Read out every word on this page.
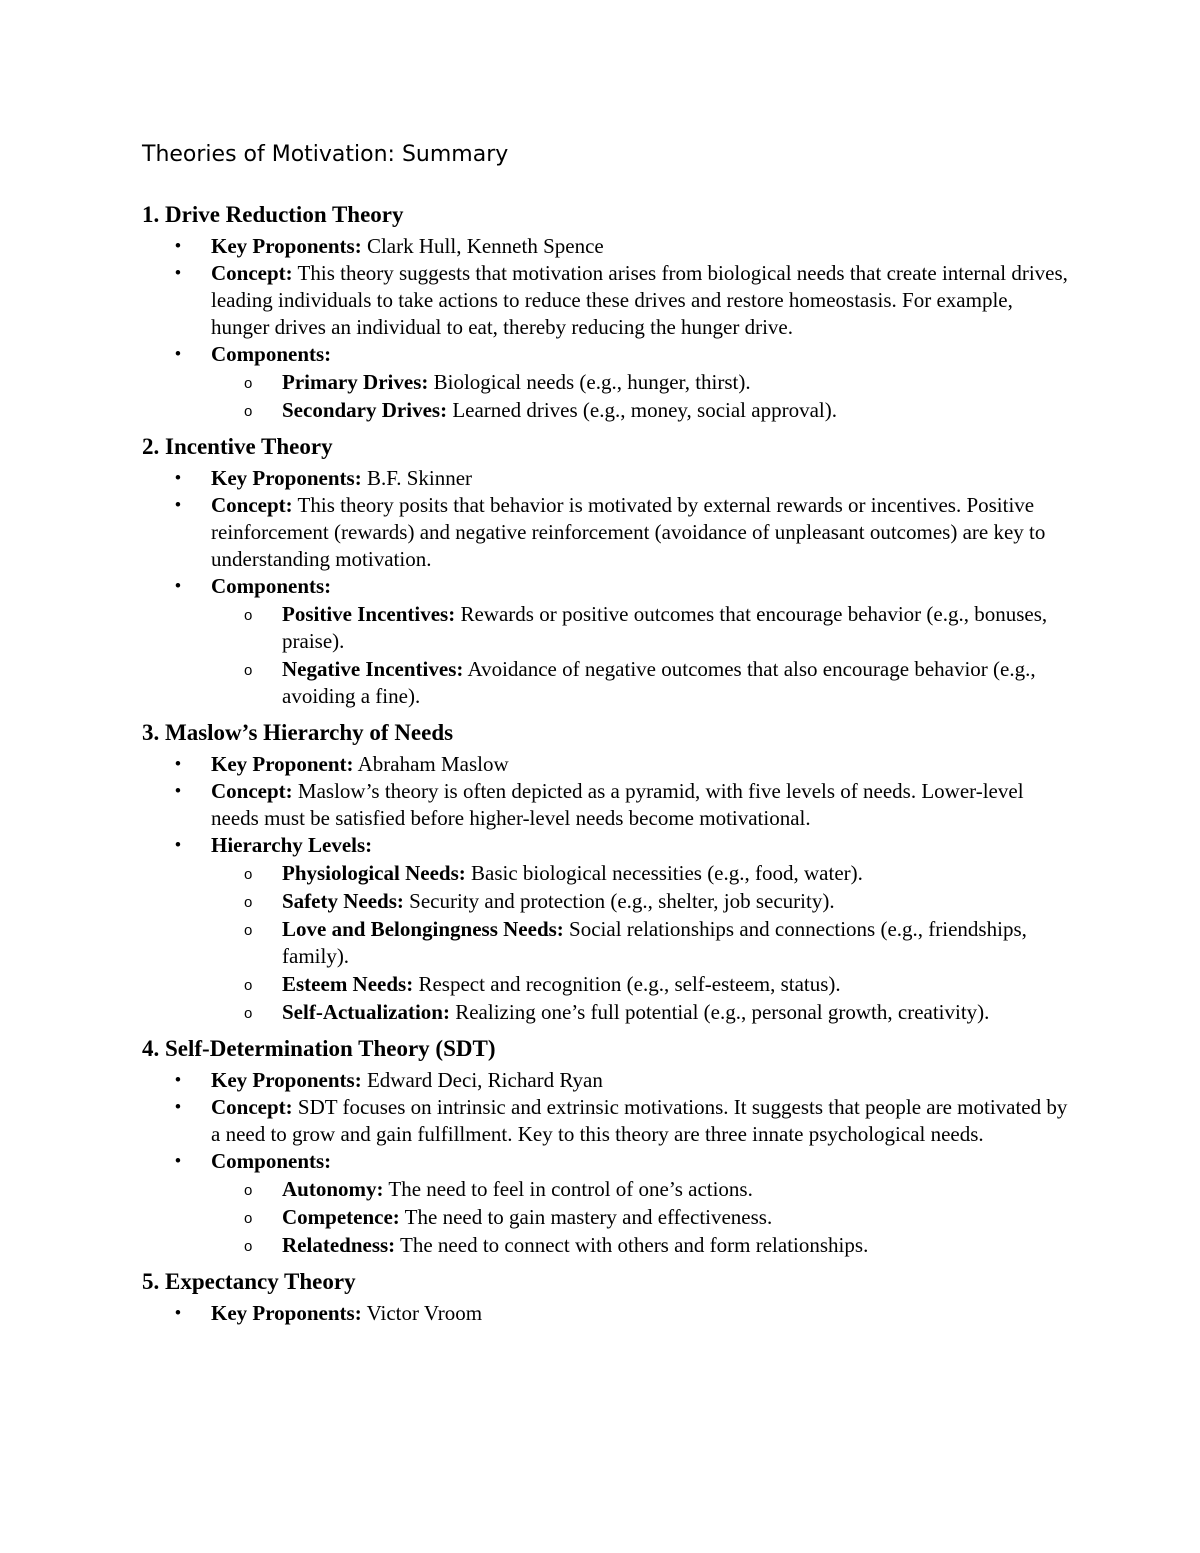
Theories of Motivation: Summary
1. Drive Reduction Theory
• Key Proponents: Clark Hull, Kenneth Spence
• Concept: This theory suggests that motivation arises from biological needs that create internal drives, leading individuals to take actions to reduce these drives and restore homeostasis. For example, hunger drives an individual to eat, thereby reducing the hunger drive.
• Components:
o Primary Drives: Biological needs (e.g., hunger, thirst).
o Secondary Drives: Learned drives (e.g., money, social approval).
2. Incentive Theory
• Key Proponents: B.F. Skinner
• Concept: This theory posits that behavior is motivated by external rewards or incentives. Positive reinforcement (rewards) and negative reinforcement (avoidance of unpleasant outcomes) are key to understanding motivation.
• Components:
o Positive Incentives: Rewards or positive outcomes that encourage behavior (e.g., bonuses, praise).
o Negative Incentives: Avoidance of negative outcomes that also encourage behavior (e.g., avoiding a fine).
3. Maslow’s Hierarchy of Needs
• Key Proponent: Abraham Maslow
• Concept: Maslow’s theory is often depicted as a pyramid, with five levels of needs. Lower-level needs must be satisfied before higher-level needs become motivational.
• Hierarchy Levels:
o Physiological Needs: Basic biological necessities (e.g., food, water).
o Safety Needs: Security and protection (e.g., shelter, job security).
o Love and Belongingness Needs: Social relationships and connections (e.g., friendships, family).
o Esteem Needs: Respect and recognition (e.g., self-esteem, status).
o Self-Actualization: Realizing one’s full potential (e.g., personal growth, creativity).
4. Self-Determination Theory (SDT)
• Key Proponents: Edward Deci, Richard Ryan
• Concept: SDT focuses on intrinsic and extrinsic motivations. It suggests that people are motivated by a need to grow and gain fulfillment. Key to this theory are three innate psychological needs.
• Components:
o Autonomy: The need to feel in control of one’s actions.
o Competence: The need to gain mastery and effectiveness.
o Relatedness: The need to connect with others and form relationships.
5. Expectancy Theory
• Key Proponents: Victor Vroom
